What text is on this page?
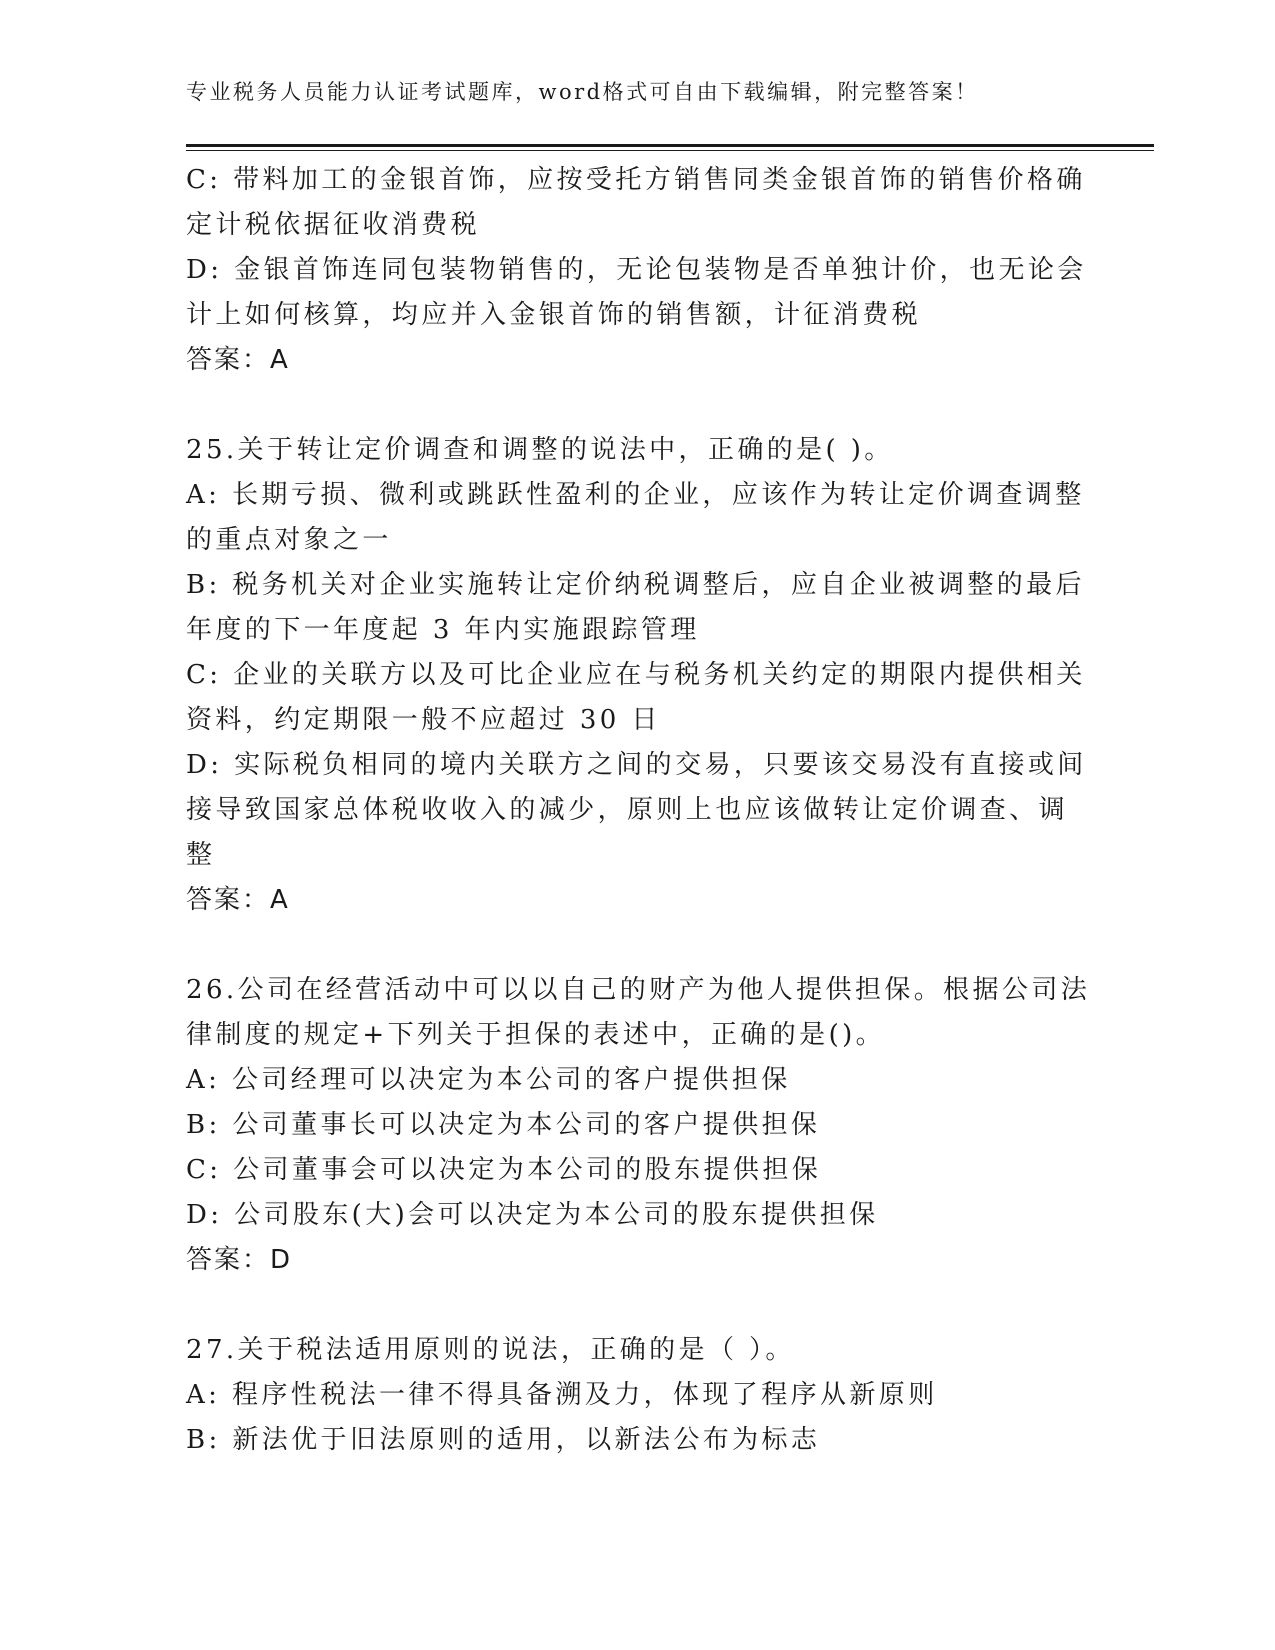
专业税务人员能力认证考试题库，word格式可自由下载编辑，附完整答案！
C: 带料加工的金银首饰，应按受托方销售同类金银首饰的销售价格确
定计税依据征收消费税
D: 金银首饰连同包装物销售的，无论包装物是否单独计价，也无论会
计上如何核算，均应并入金银首饰的销售额，计征消费税
答案：A
25.关于转让定价调查和调整的说法中，正确的是( )。
A: 长期亏损、微利或跳跃性盈利的企业，应该作为转让定价调查调整
的重点对象之一
B: 税务机关对企业实施转让定价纳税调整后，应自企业被调整的最后
年度的下一年度起 3 年内实施跟踪管理
C: 企业的关联方以及可比企业应在与税务机关约定的期限内提供相关
资料，约定期限一般不应超过 30 日
D: 实际税负相同的境内关联方之间的交易，只要该交易没有直接或间
接导致国家总体税收收入的减少，原则上也应该做转让定价调查、调
整
答案：A
26.公司在经营活动中可以以自己的财产为他人提供担保。根据公司法
律制度的规定+下列关于担保的表述中，正确的是()。
A: 公司经理可以决定为本公司的客户提供担保
B: 公司董事长可以决定为本公司的客户提供担保
C: 公司董事会可以决定为本公司的股东提供担保
D: 公司股东(大)会可以决定为本公司的股东提供担保
答案：D
27.关于税法适用原则的说法，正确的是（ ）。
A: 程序性税法一律不得具备溯及力，体现了程序从新原则
B: 新法优于旧法原则的适用，以新法公布为标志
